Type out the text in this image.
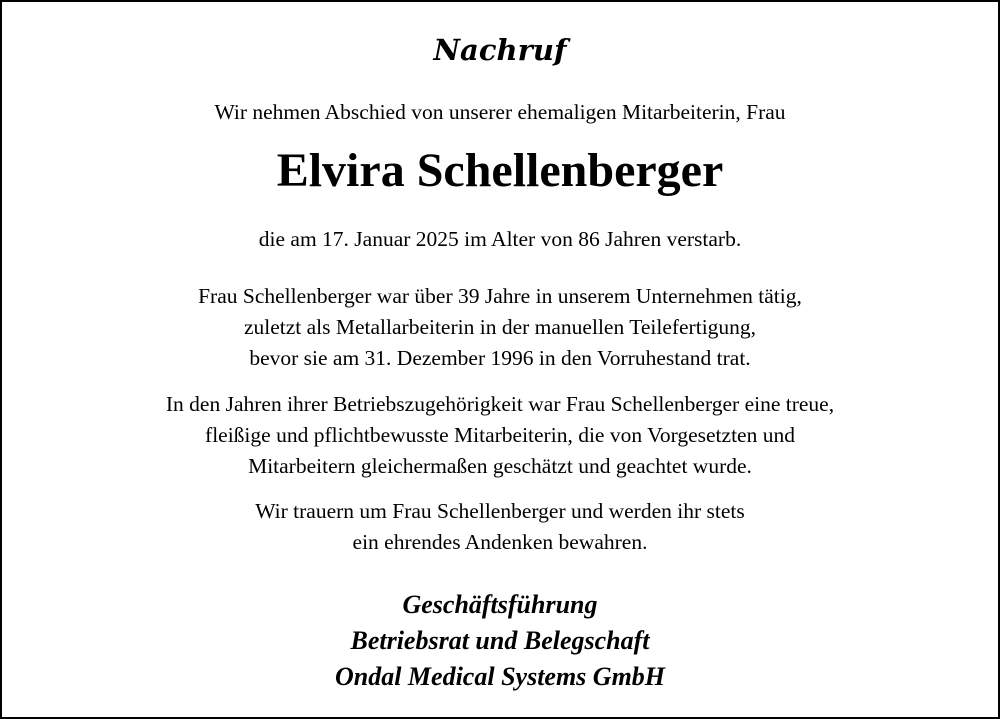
Nachruf
Wir nehmen Abschied von unserer ehemaligen Mitarbeiterin, Frau
Elvira Schellenberger
die am 17. Januar 2025 im Alter von 86 Jahren verstarb.
Frau Schellenberger war über 39 Jahre in unserem Unternehmen tätig,
zuletzt als Metallarbeiterin in der manuellen Teilefertigung,
bevor sie am 31. Dezember 1996 in den Vorruhestand trat.
In den Jahren ihrer Betriebszugehörigkeit war Frau Schellenberger eine treue,
fleißige und pflichtbewusste Mitarbeiterin, die von Vorgesetzten und
Mitarbeitern gleichermaßen geschätzt und geachtet wurde.
Wir trauern um Frau Schellenberger und werden ihr stets
ein ehrendes Andenken bewahren.
Geschäftsführung
Betriebsrat und Belegschaft
Ondal Medical Systems GmbH
